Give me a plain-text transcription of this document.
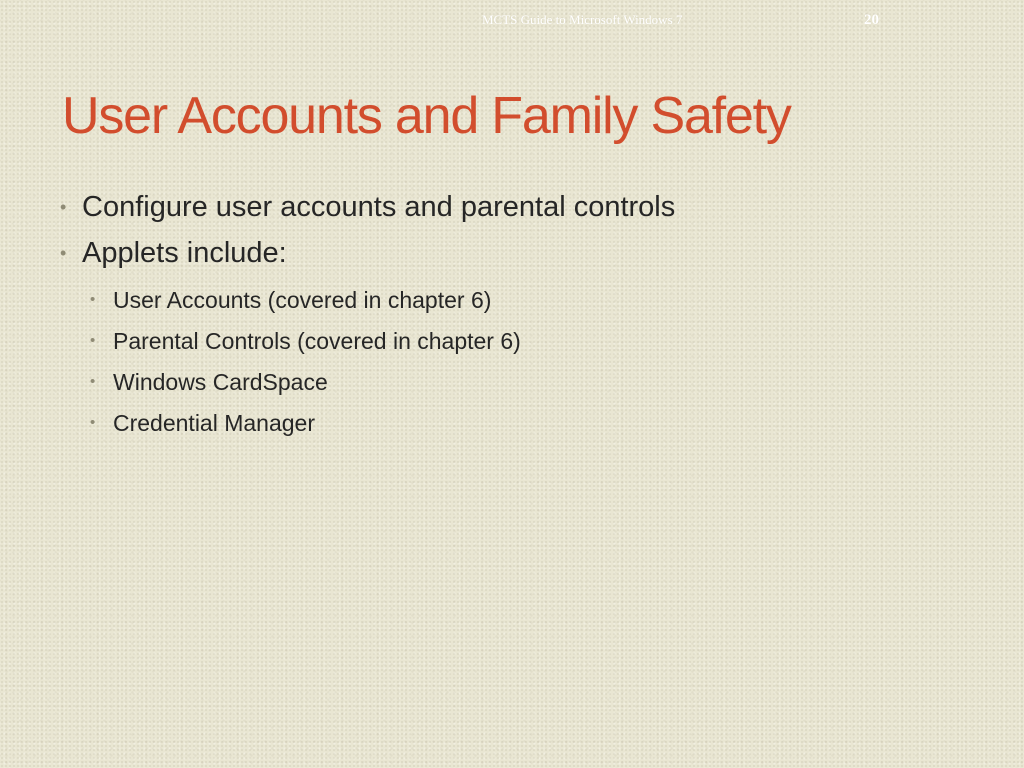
MCTS Guide to Microsoft Windows 7	20
User Accounts and Family Safety
• Configure user accounts and parental controls
• Applets include:
• User Accounts (covered in chapter 6)
• Parental Controls (covered in chapter 6)
• Windows CardSpace
• Credential Manager
